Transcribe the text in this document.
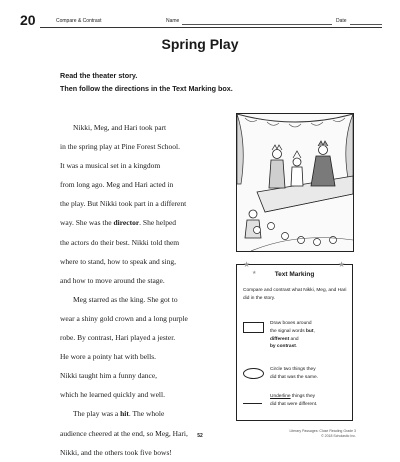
20	Compare & Contrast	Name	Date
Spring Play
Read the theater story.
Then follow the directions in the Text Marking box.

Nikki, Meg, and Hari took part

in the spring play at Pine Forest School.

It was a musical set in a kingdom

from long ago. Meg and Hari acted in

the play. But Nikki took part in a different

way. She was the director. She helped

the actors do their best. Nikki told them

where to stand, how to speak and sing,

and how to move around the stage.

Meg starred as the king. She got to

wear a shiny gold crown and a long purple

robe. By contrast, Hari played a jester.

He wore a pointy hat with bells.

Nikki taught him a funny dance,

which he learned quickly and well.

The play was a hit. The whole

audience cheered at the end, so Meg, Hari,

Nikki, and the others took five bows!

★
★
★
Text Marking
Compare and contrast what Nikki, Meg, and Hari did in the story.
Draw boxes around
the signal words but,
different and
by contrast.
Circle two things they
did that was the same.
Underline things they
did that were different.
52
Literary Passages: Close Reading Grade 3
© 2018 Scholastic Inc.
